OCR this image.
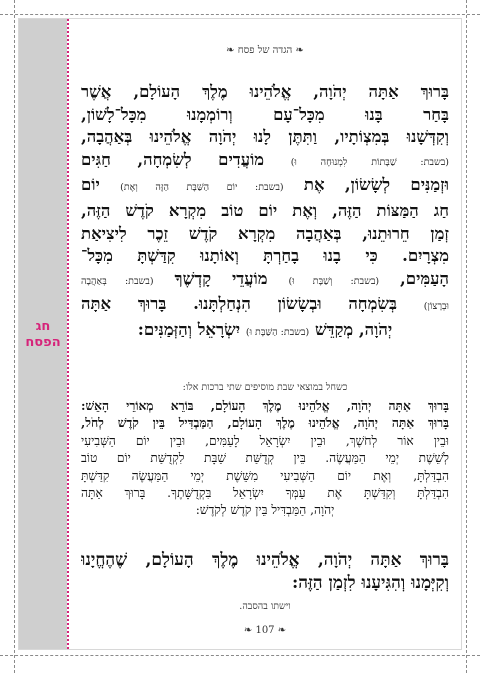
חג
הפסח
❧ הגדה של פסח ❧
בָּרוּךְ אַתָּה יְהֹוָה, אֱלֹהֵינוּ מֶלֶךְ הָעוֹלָם, אֲשֶׁר
בָּחַר בָּנוּ מִכָּל־עָם וְרוֹמְמָנוּ מִכָּל־לָשׁוֹן,
וְקִדְּשָׁנוּ בְּמִצְוֹתָיו, וַתִּתֶּן לָנוּ יְהֹוָה אֱלֹהֵינוּ בְּאַהֲבָה,
(בשבת: שַׁבָּתוֹת לִמְנוּחָה וּ) מוֹעֲדִים לְשִׂמְחָה, חַגִּים
וּזְמַנִּים לְשָׂשׂוֹן, אֶת (בשבת: יוֹם הַשַּׁבָּת הַזֶּה וְאֶת) יוֹם
חַג הַמַּצּוֹת הַזֶּה, וְאֶת יוֹם טוֹב מִקְרָא קֹדֶשׁ הַזֶּה,
זְמַן חֵרוּתֵנוּ, בְּאַהֲבָה מִקְרָא קֹדֶשׁ זֵכֶר לִיצִיאַת
מִצְרָיִם. כִּי בָנוּ בָחַרְתָּ וְאוֹתָנוּ קִדַּשְׁתָּ מִכָּל־
הָעַמִּים, (בשבת: וְשַׁבָּת וּ) מוֹעֲדֵי קָדְשֶׁךָ (בשבת: בְּאַהֲבָה
וּבְרָצוֹן) בְּשִׂמְחָה וּבְשָׂשׂוֹן הִנְחַלְתָּנוּ. בָּרוּךְ אַתָּה
יְהֹוָה, מְקַדֵּשׁ (בשבת: הַשַּׁבָּת וּ) יִשְׂרָאֵל וְהַזְּמַנִּים:
כשחל במוצאי שבת מוסיפים שתי ברכות אלו:
בָּרוּךְ אַתָּה יְהֹוָה, אֱלֹהֵינוּ מֶלֶךְ הָעוֹלָם, בּוֹרֵא מְאוֹרֵי הָאֵשׁ:
בָּרוּךְ אַתָּה יְהֹוָה, אֱלֹהֵינוּ מֶלֶךְ הָעוֹלָם, הַמַּבְדִּיל בֵּין קֹדֶשׁ לְחֹל,
וּבֵין אוֹר לְחֹשֶׁךְ, וּבֵין יִשְׂרָאֵל לָעַמִּים, וּבֵין יוֹם הַשְּׁבִיעִי
לְשֵׁשֶׁת יְמֵי הַמַּעֲשֶׂה. בֵּין קְדֻשַּׁת שַׁבָּת לִקְדֻשַּׁת יוֹם טוֹב
הִבְדַּלְתָּ, וְאֶת יוֹם הַשְּׁבִיעִי מִשֵּׁשֶׁת יְמֵי הַמַּעֲשֶׂה קִדַּשְׁתָּ
הִבְדַּלְתָּ וְקִדַּשְׁתָּ אֶת עַמְּךָ יִשְׂרָאֵל בִּקְדֻשָּׁתֶךָ. בָּרוּךְ אַתָּה
יְהֹוָה, הַמַּבְדִּיל בֵּין קֹדֶשׁ לְקֹדֶשׁ:
בָּרוּךְ אַתָּה יְהֹוָה, אֱלֹהֵינוּ מֶלֶךְ הָעוֹלָם, שֶׁהֶחֱיָנוּ
וְקִיְּמָנוּ וְהִגִּיעָנוּ לִזְמַן הַזֶּה:
וישתו בהסבה.
❧ 107 ❧
